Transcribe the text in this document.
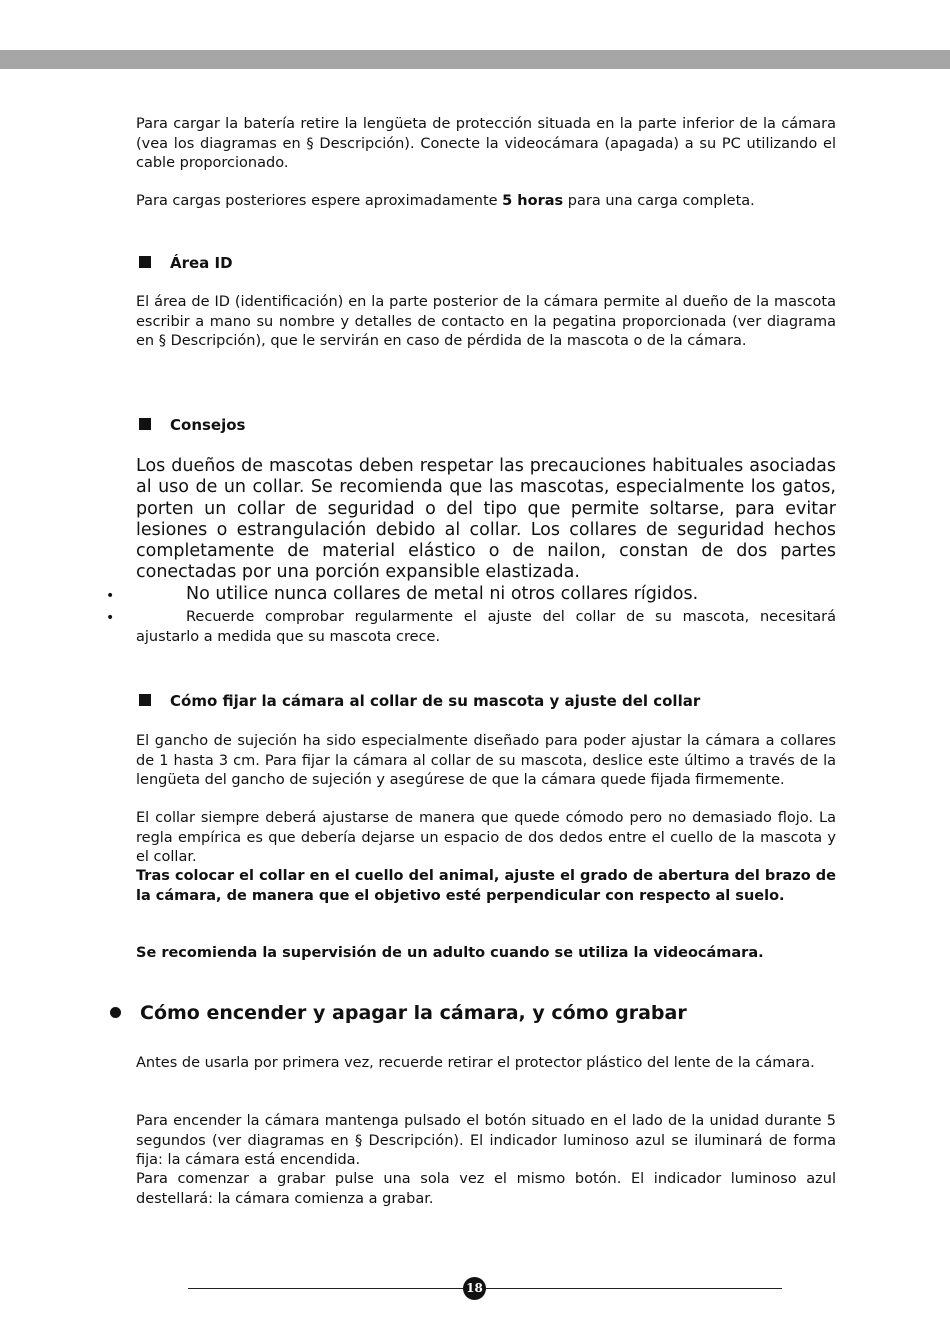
Para cargar la batería retire la lengüeta de protección situada en la parte inferior de la cámara (vea los diagramas en § Descripción). Conecte la videocámara (apagada) a su PC utilizando el cable proporcionado.

Para cargas posteriores espere aproximadamente 5 horas para una carga completa.

Área ID

El área de ID (identificación) en la parte posterior de la cámara permite al dueño de la mascota escribir a mano su nombre y detalles de contacto en la pegatina proporcionada (ver diagrama en § Descripción), que le servirán en caso de pérdida de la mascota o de la cámara.

Consejos

Los dueños de mascotas deben respetar las precauciones habituales asociadas al uso de un collar. Se recomienda que las mascotas, especialmente los gatos, porten un collar de seguridad o del tipo que permite soltarse, para evitar lesiones o estrangulación debido al collar. Los collares de seguridad hechos completamente de material elástico o de nailon, constan de dos partes conectadas por una porción expansible elastizada.

•	No utilice nunca collares de metal ni otros collares rígidos.

•	Recuerde comprobar regularmente el ajuste del collar de su mascota, necesitará ajustarlo a medida que su mascota crece.

Cómo fijar la cámara al collar de su mascota y ajuste del collar

El gancho de sujeción ha sido especialmente diseñado para poder ajustar la cámara a collares de 1 hasta 3 cm. Para fijar la cámara al collar de su mascota, deslice este último a través de la lengüeta del gancho de sujeción y asegúrese de que la cámara quede fijada firmemente.

El collar siempre deberá ajustarse de manera que quede cómodo pero no demasiado flojo. La regla empírica es que debería dejarse un espacio de dos dedos entre el cuello de la mascota y el collar.

Tras colocar el collar en el cuello del animal, ajuste el grado de abertura del brazo de la cámara, de manera que el objetivo esté perpendicular con respecto al suelo.

Se recomienda la supervisión de un adulto cuando se utiliza la videocámara.

Cómo encender y apagar la cámara, y cómo grabar

Antes de usarla por primera vez, recuerde retirar el protector plástico del lente de la cámara.

Para encender la cámara mantenga pulsado el botón situado en el lado de la unidad durante 5 segundos (ver diagramas en § Descripción). El indicador luminoso azul se iluminará de forma fija: la cámara está encendida.

Para comenzar a grabar pulse una sola vez el mismo botón. El indicador luminoso azul destellará: la cámara comienza a grabar.

18
